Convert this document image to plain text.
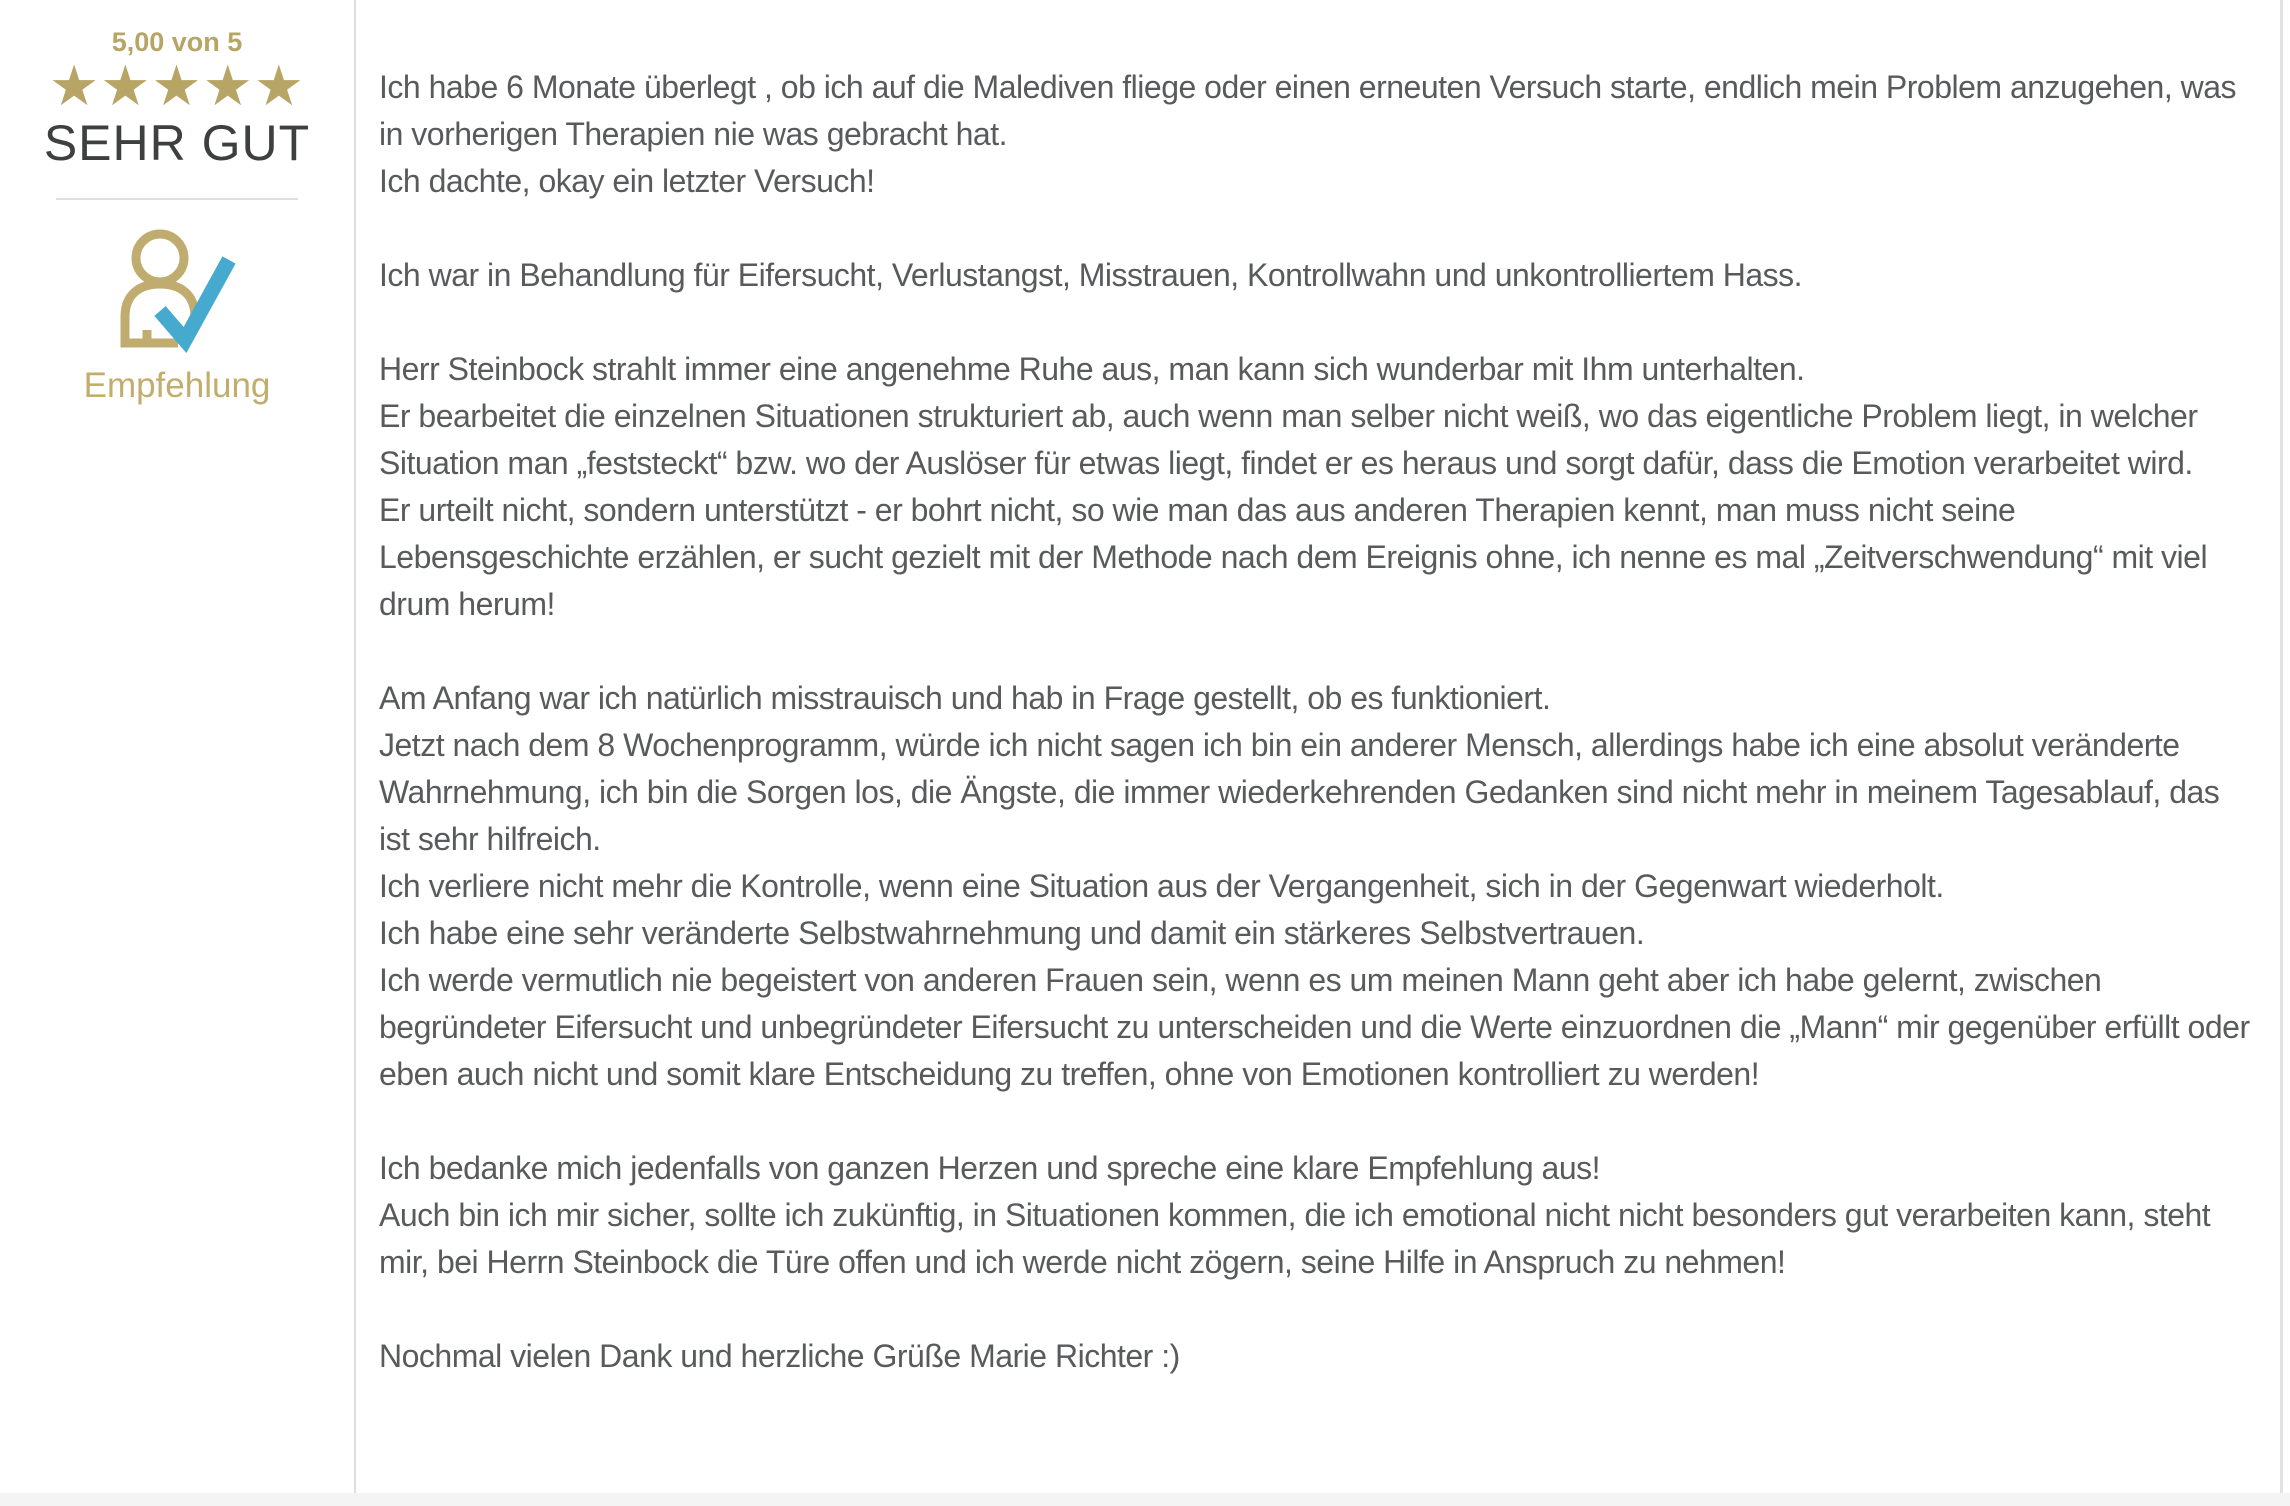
5,00 von 5
★★★★★
SEHR GUT
Empfehlung

Ich habe 6 Monate überlegt , ob ich auf die Malediven fliege oder einen erneuten Versuch starte, endlich mein Problem anzugehen, was in vorherigen Therapien nie was gebracht hat.
Ich dachte, okay ein letzter Versuch!

Ich war in Behandlung für Eifersucht, Verlustangst, Misstrauen, Kontrollwahn und unkontrolliertem Hass.

Herr Steinbock strahlt immer eine angenehme Ruhe aus, man kann sich wunderbar mit Ihm unterhalten.
Er bearbeitet die einzelnen Situationen strukturiert ab, auch wenn man selber nicht weiß, wo das eigentliche Problem liegt, in welcher Situation man „feststeckt“ bzw. wo der Auslöser für etwas liegt, findet er es heraus und sorgt dafür, dass die Emotion verarbeitet wird.
Er urteilt nicht, sondern unterstützt - er bohrt nicht, so wie man das aus anderen Therapien kennt, man muss nicht seine Lebensgeschichte erzählen, er sucht gezielt mit der Methode nach dem Ereignis ohne, ich nenne es mal „Zeitverschwendung“ mit viel drum herum!

Am Anfang war ich natürlich misstrauisch und hab in Frage gestellt, ob es funktioniert.
Jetzt nach dem 8 Wochenprogramm, würde ich nicht sagen ich bin ein anderer Mensch, allerdings habe ich eine absolut veränderte Wahrnehmung, ich bin die Sorgen los, die Ängste, die immer wiederkehrenden Gedanken sind nicht mehr in meinem Tagesablauf, das ist sehr hilfreich.
Ich verliere nicht mehr die Kontrolle, wenn eine Situation aus der Vergangenheit, sich in der Gegenwart wiederholt.
Ich habe eine sehr veränderte Selbstwahrnehmung und damit ein stärkeres Selbstvertrauen.
Ich werde vermutlich nie begeistert von anderen Frauen sein, wenn es um meinen Mann geht aber ich habe gelernt, zwischen begründeter Eifersucht und unbegründeter Eifersucht zu unterscheiden und die Werte einzuordnen die „Mann“ mir gegenüber erfüllt oder eben auch nicht und somit klare Entscheidung zu treffen, ohne von Emotionen kontrolliert zu werden!

Ich bedanke mich jedenfalls von ganzen Herzen und spreche eine klare Empfehlung aus!
Auch bin ich mir sicher, sollte ich zukünftig, in Situationen kommen, die ich emotional nicht nicht besonders gut verarbeiten kann, steht mir, bei Herrn Steinbock die Türe offen und ich werde nicht zögern, seine Hilfe in Anspruch zu nehmen!

Nochmal vielen Dank und herzliche Grüße Marie Richter :)
